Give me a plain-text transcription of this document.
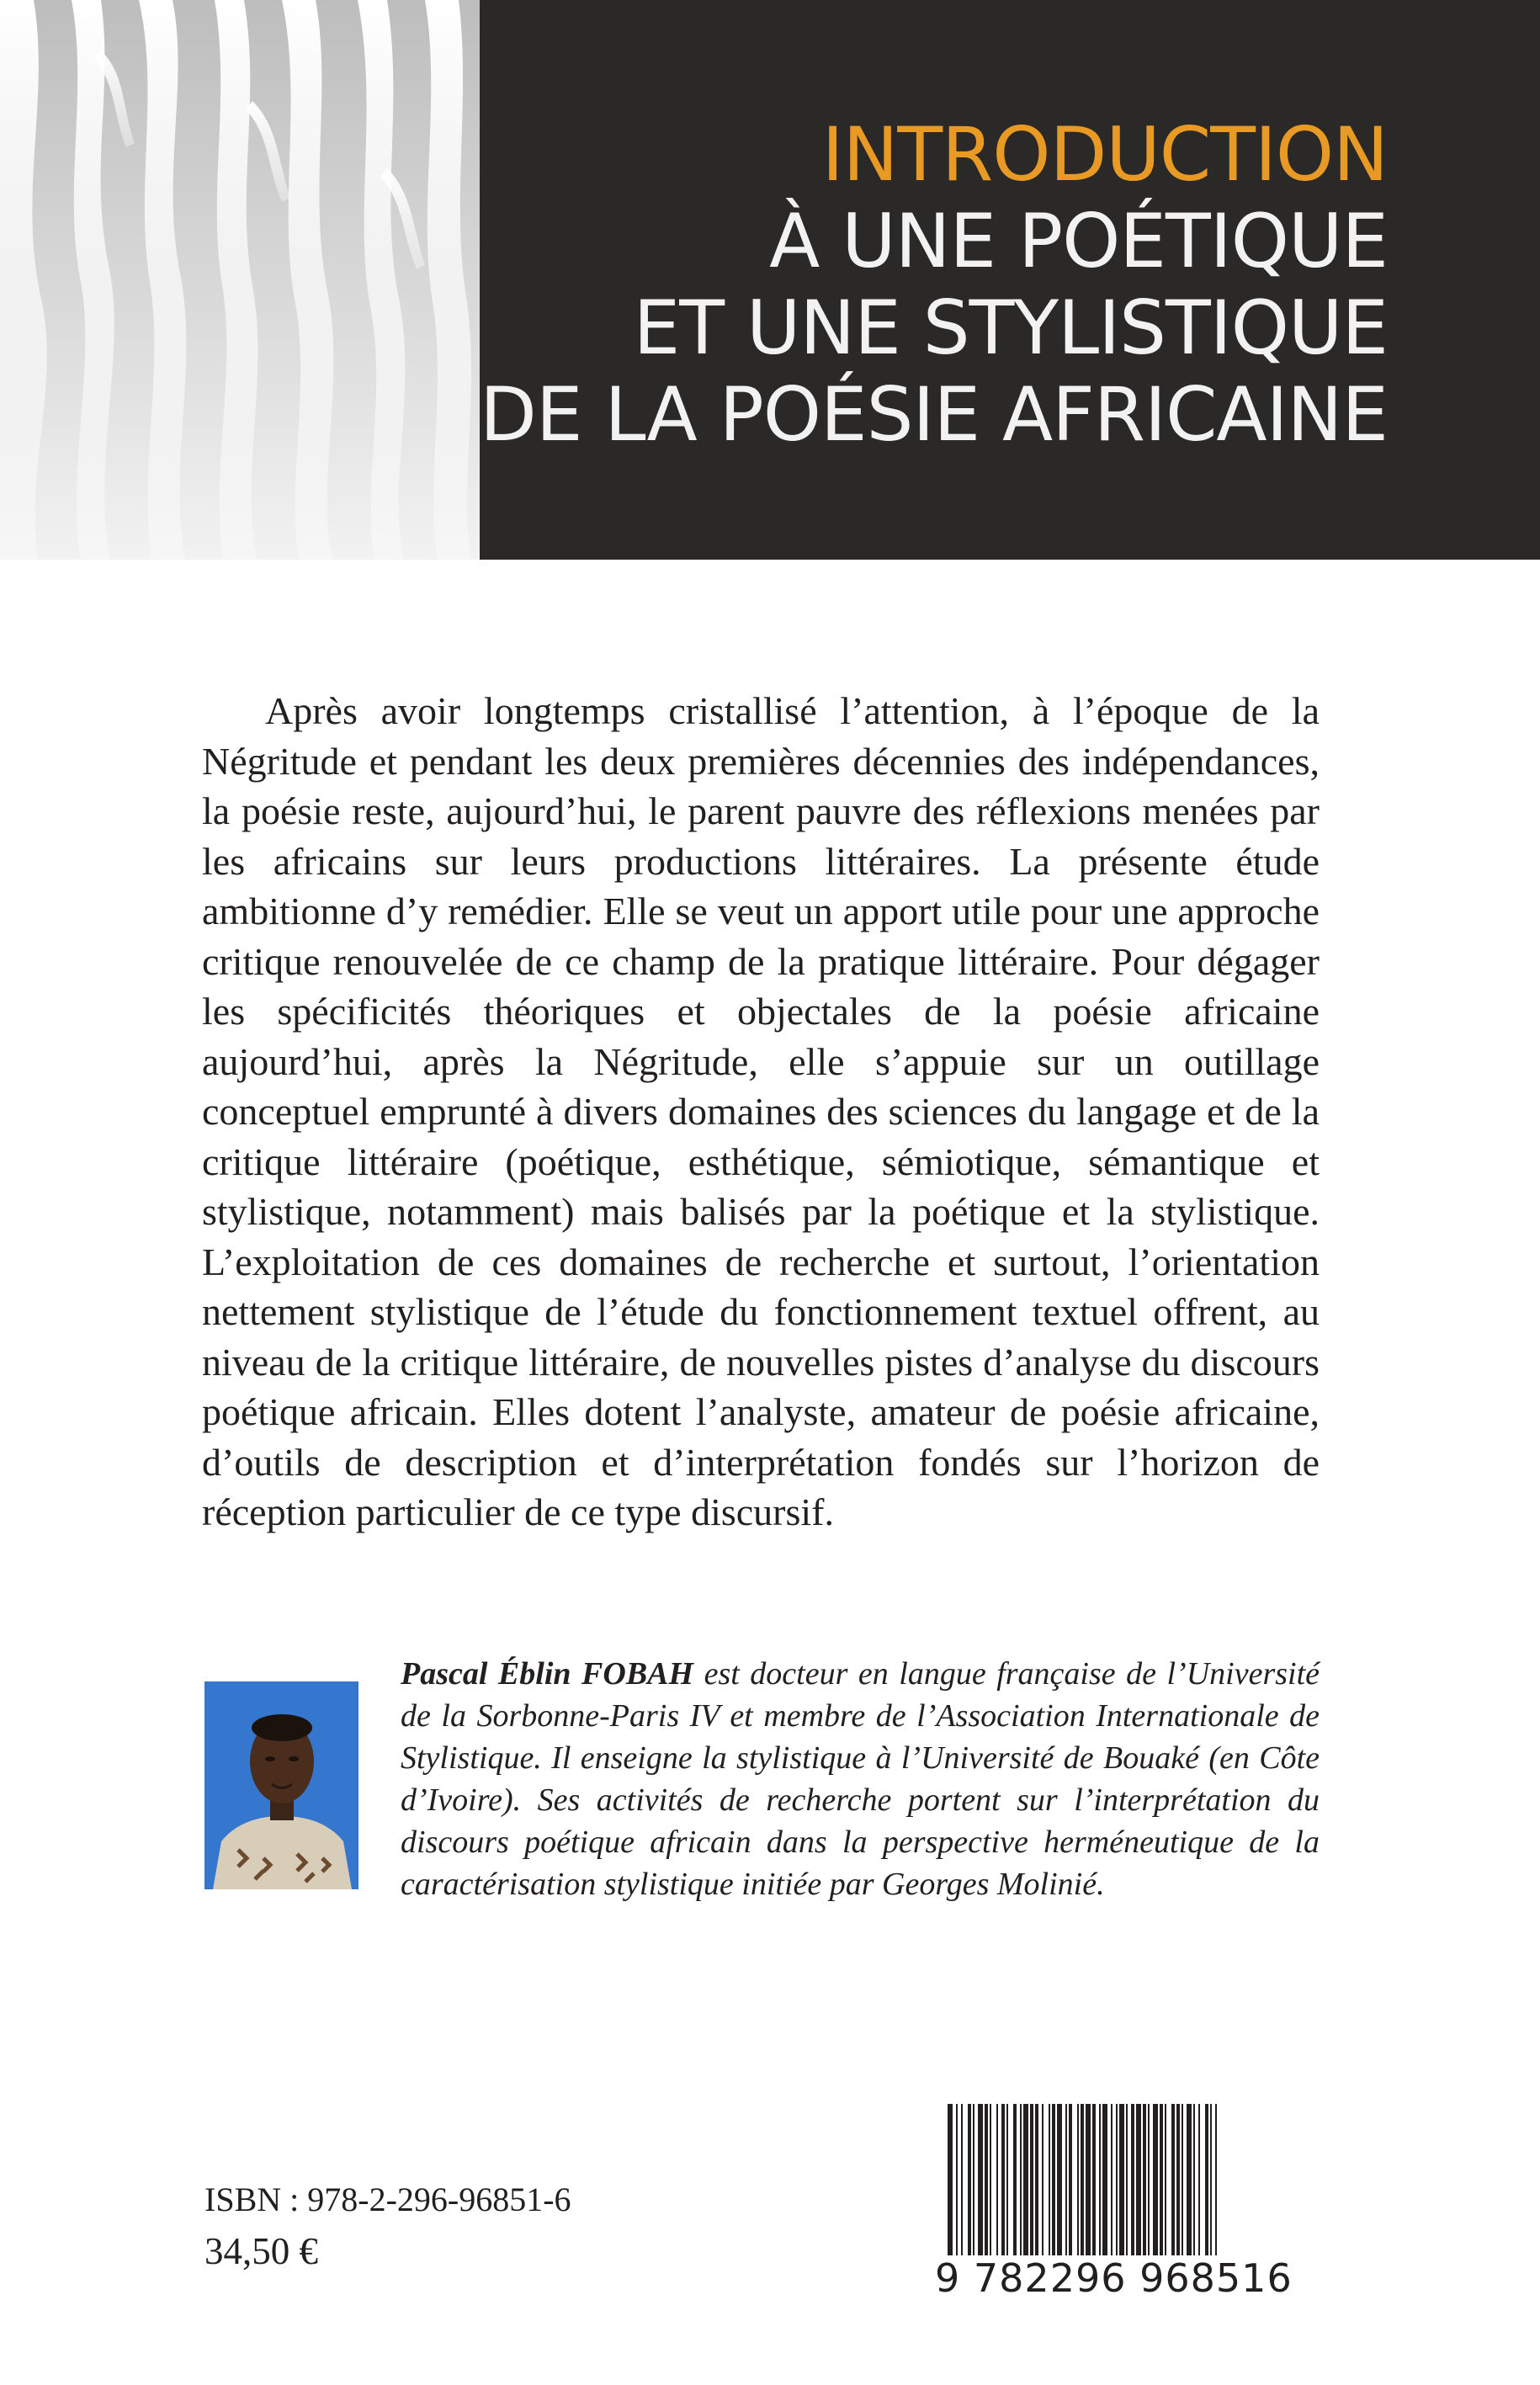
INTRODUCTION
À UNE POÉTIQUE
ET UNE STYLISTIQUE
DE LA POÉSIE AFRICAINE

Après avoir longtemps cristallisé l’attention, à l’époque de la Négritude et pendant les deux premières décennies des indépendances, la poésie reste, aujourd’hui, le parent pauvre des réflexions menées par les africains sur leurs productions littéraires. La présente étude ambitionne d’y remédier. Elle se veut un apport utile pour une approche critique renouvelée de ce champ de la pratique littéraire. Pour dégager les spécificités théoriques et objectales de la poésie africaine aujourd’hui, après la Négritude, elle s’appuie sur un outillage conceptuel emprunté à divers domaines des sciences du langage et de la critique littéraire (poétique, esthétique, sémiotique, sémantique et stylistique, notamment) mais balisés par la poétique et la stylistique. L’exploitation de ces domaines de recherche et surtout, l’orientation nettement stylistique de l’étude du fonctionnement textuel offrent, au niveau de la critique littéraire, de nouvelles pistes d’analyse du discours poétique africain. Elles dotent l’analyste, amateur de poésie africaine, d’outils de description et d’interprétation fondés sur l’horizon de réception particulier de ce type discursif.

Pascal Éblin FOBAH est docteur en langue française de l’Université de la Sorbonne-Paris IV et membre de l’Association Internationale de Stylistique. Il enseigne la stylistique à l’Université de Bouaké (en Côte d’Ivoire). Ses activités de recherche portent sur l’interprétation du discours poétique africain dans la perspective herméneutique de la caractérisation stylistique initiée par Georges Molinié.

ISBN : 978-2-296-96851-6
34,50 €
9 782296 968516
